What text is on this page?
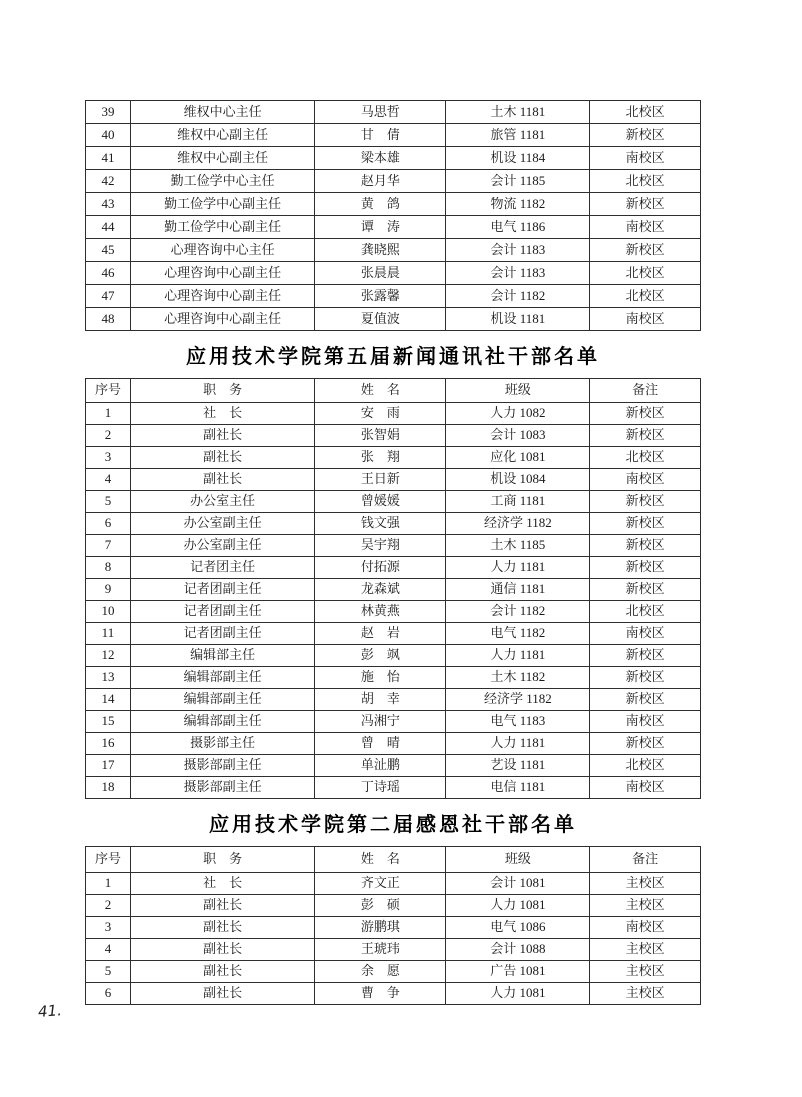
39	维权中心主任	马思哲	土木 1181	北校区
40	维权中心副主任	甘　倩	旅管 1181	新校区
41	维权中心副主任	梁本雄	机设 1184	南校区
42	勤工俭学中心主任	赵月华	会计 1185	北校区
43	勤工俭学中心副主任	黄　鸽	物流 1182	新校区
44	勤工俭学中心副主任	谭　涛	电气 1186	南校区
45	心理咨询中心主任	龚晓熙	会计 1183	新校区
46	心理咨询中心副主任	张晨晨	会计 1183	北校区
47	心理咨询中心副主任	张露馨	会计 1182	北校区
48	心理咨询中心副主任	夏值波	机设 1181	南校区
应用技术学院第五届新闻通讯社干部名单
序号	职　务	姓　名	班级	备注
1	社　长	安　雨	人力 1082	新校区
2	副社长	张智娟	会计 1083	新校区
3	副社长	张　翔	应化 1081	北校区
4	副社长	王日新	机设 1084	南校区
5	办公室主任	曾媛媛	工商 1181	新校区
6	办公室副主任	钱文强	经济学 1182	新校区
7	办公室副主任	吴宇翔	土木 1185	新校区
8	记者团主任	付拓源	人力 1181	新校区
9	记者团副主任	龙森斌	通信 1181	新校区
10	记者团副主任	林黄燕	会计 1182	北校区
11	记者团副主任	赵　岩	电气 1182	南校区
12	编辑部主任	彭　飒	人力 1181	新校区
13	编辑部副主任	施　怡	土木 1182	新校区
14	编辑部副主任	胡　幸	经济学 1182	新校区
15	编辑部副主任	冯湘宁	电气 1183	南校区
16	摄影部主任	曾　晴	人力 1181	新校区
17	摄影部副主任	单沚鹏	艺设 1181	北校区
18	摄影部副主任	丁诗瑶	电信 1181	南校区
应用技术学院第二届感恩社干部名单
序号	职　务	姓　名	班级	备注
1	社　长	齐文正	会计 1081	主校区
2	副社长	彭　硕	人力 1081	主校区
3	副社长	游鹏琪	电气 1086	南校区
4	副社长	王琥玮	会计 1088	主校区
5	副社长	余　愿	广告 1081	主校区
6	副社长	曹　争	人力 1081	主校区
41.
